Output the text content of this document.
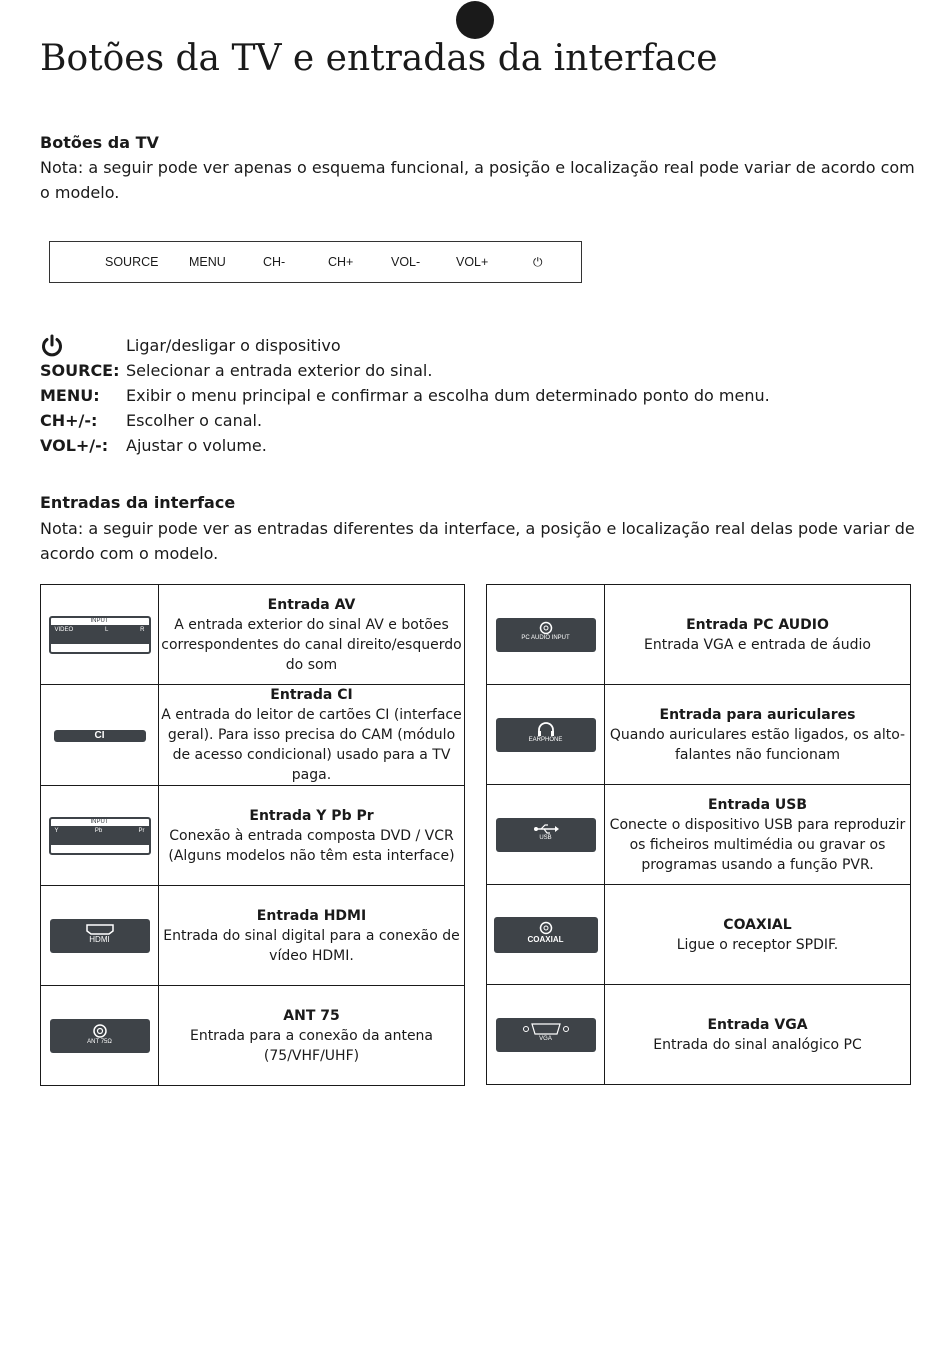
Botões da TV e entradas da interface
Botões da TV
Nota: a seguir pode ver apenas o esquema funcional, a posição e localização real pode variar de acordo com o modelo.
SOURCE MENU	CH-	CH+	VOL-	VOL+	⏻
Ligar/desligar o dispositivo
SOURCE: Selecionar a entrada exterior do sinal.
MENU: Exibir o menu principal e confirmar a escolha dum determinado ponto do menu.
CH+/-: Escolher o canal.
VOL+/-: Ajustar o volume.
Entradas da interface
Nota: a seguir pode ver as entradas diferentes da interface, a posição e localização real delas pode variar de acordo com o modelo.
INPUT
VIDEO L R	Entrada AV
A entrada exterior do sinal AV e botões correspondentes do canal direito/esquerdo do som

CI	Entrada CI
A entrada do leitor de cartões CI (interface geral). Para isso precisa do CAM (módulo de acesso condicional) usado para a TV paga.

INPUT
Y Pb Pr	Entrada Y Pb Pr
Conexão à entrada composta DVD / VCR (Alguns modelos não têm esta interface)

HDMI	Entrada HDMI
Entrada do sinal digital para a conexão de vídeo HDMI.

ANT 75Ω	ANT 75
Entrada para a conexão da antena (75/VHF/UHF)
PC AUDIO INPUT	Entrada PC AUDIO
Entrada VGA e entrada de áudio

EARPHONE	Entrada para auriculares
Quando auriculares estão ligados, os alto-falantes não funcionam

USB	Entrada USB
Conecte o dispositivo USB para reproduzir os ficheiros multimédia ou gravar os programas usando a função PVR.

COAXIAL	COAXIAL
Ligue o receptor SPDIF.

VGA	Entrada VGA
Entrada do sinal analógico PC
